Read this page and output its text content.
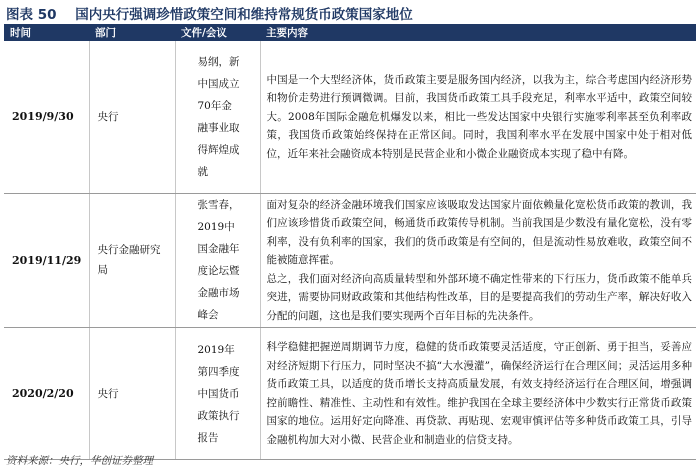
图表 50 国内央行强调珍惜政策空间和维持常规货币政策国家地位
时间	部门	文件/会议	主要内容
2019/9/30	央行	易纲，新中国成立70年金融事业取得辉煌成就	中国是一个大型经济体，货币政策主要是服务国内经济，以我为主，综合考虑国内经济形势和物价走势进行预调微调。目前，我国货币政策工具手段充足，利率水平适中，政策空间较大。2008年国际金融危机爆发以来，相比一些发达国家中央银行实施零利率甚至负利率政策，我国货币政策始终保持在正常区间。同时，我国利率水平在发展中国家中处于相对低位，近年来社会融资成本特别是民营企业和小微企业融资成本实现了稳中有降。

2019/11/29	央行金融研究局	张雪春，2019中国金融年度论坛暨金融市场峰会	面对复杂的经济金融环境我们国家应该吸取发达国家片面依赖量化宽松货币政策的教训，我们应该珍惜货币政策空间，畅通货币政策传导机制。当前我国是少数没有量化宽松，没有零利率，没有负利率的国家，我们的货币政策是有空间的，但是流动性易放难收，政策空间不能被随意挥霍。
总之，我们面对经济向高质量转型和外部环境不确定性带来的下行压力，货币政策不能单兵突进，需要协同财政政策和其他结构性改革，目的是要提高我们的劳动生产率，解决好收入分配的问题，这也是我们要实现两个百年目标的先决条件。

2020/2/20	央行	2019年第四季度中国货币政策执行报告	科学稳健把握逆周期调节力度，稳健的货币政策要灵活适度，守正创新、勇于担当，妥善应对经济短期下行压力，同时坚决不搞“大水漫灌”，确保经济运行在合理区间；灵活运用多种货币政策工具，以适度的货币增长支持高质量发展，有效支持经济运行在合理区间，增强调控前瞻性、精准性、主动性和有效性。维护我国在全球主要经济体中少数实行正常货币政策国家的地位。运用好定向降准、再贷款、再贴现、宏观审慎评估等多种货币政策工具，引导金融机构加大对小微、民营企业和制造业的信贷支持。
资料来源：央行，华创证券整理
